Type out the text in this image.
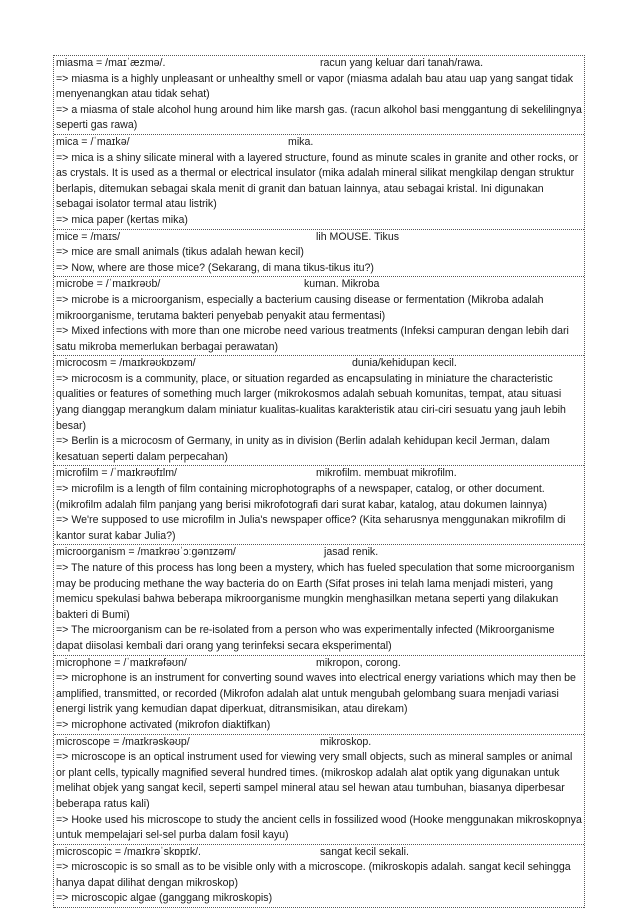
miasma = /maɪˈæzmə/.	racun yang keluar dari tanah/rawa.
=> miasma is a highly unpleasant or unhealthy smell or vapor (miasma adalah bau atau uap yang sangat tidak menyenangkan atau tidak sehat)
=> a miasma of stale alcohol hung around him like marsh gas. (racun alkohol basi menggantung di sekelilingnya seperti gas rawa)
mica = /ˈmaɪkə/	mika.
=> mica is a shiny silicate mineral with a layered structure, found as minute scales in granite and other rocks, or as crystals. It is used as a thermal or electrical insulator (mika adalah mineral silikat mengkilap dengan struktur berlapis, ditemukan sebagai skala menit di granit dan batuan lainnya, atau sebagai kristal. Ini digunakan sebagai isolator termal atau listrik)
=> mica paper (kertas mika)
mice = /maɪs/	lih MOUSE. Tikus
=> mice are small animals (tikus adalah hewan kecil)
=> Now, where are those mice? (Sekarang, di mana tikus-tikus itu?)
microbe = /ˈmaɪkrəʊb/	kuman. Mikroba
=> microbe is a microorganism, especially a bacterium causing disease or fermentation (Mikroba adalah mikroorganisme, terutama bakteri penyebab penyakit atau fermentasi)
=> Mixed infections with more than one microbe need various treatments (Infeksi campuran dengan lebih dari satu mikroba memerlukan berbagai perawatan)
microcosm = /maɪkrəʊkɒzəm/	dunia/kehidupan kecil.
=> microcosm is a community, place, or situation regarded as encapsulating in miniature the characteristic qualities or features of something much larger (mikrokosmos adalah sebuah komunitas, tempat, atau situasi yang dianggap merangkum dalam miniatur kualitas-kualitas karakteristik atau ciri-ciri sesuatu yang jauh lebih besar)
=> Berlin is a microcosm of Germany, in unity as in division (Berlin adalah kehidupan kecil Jerman, dalam kesatuan seperti dalam perpecahan)
microfilm = /ˈmaɪkrəʊfɪlm/	mikrofilm. membuat mikrofilm.
=> microfilm is a length of film containing microphotographs of a newspaper, catalog, or other document. (mikrofilm adalah film panjang yang berisi mikrofotografi dari surat kabar, katalog, atau dokumen lainnya)
=> We're supposed to use microfilm in Julia's newspaper office? (Kita seharusnya menggunakan mikrofilm di kantor surat kabar Julia?)
microorganism = /maɪkrəʊˈɔːɡənɪzəm/	jasad renik.
=> The nature of this process has long been a mystery, which has fueled speculation that some microorganism may be producing methane the way bacteria do on Earth (Sifat proses ini telah lama menjadi misteri, yang memicu spekulasi bahwa beberapa mikroorganisme mungkin menghasilkan metana seperti yang dilakukan bakteri di Bumi)
=> The microorganism can be re-isolated from a person who was experimentally infected (Mikroorganisme dapat diisolasi kembali dari orang yang terinfeksi secara eksperimental)
microphone = /ˈmaɪkrəfəʊn/	mikropon, corong.
=> microphone is an instrument for converting sound waves into electrical energy variations which may then be amplified, transmitted, or recorded (Mikrofon adalah alat untuk mengubah gelombang suara menjadi variasi energi listrik yang kemudian dapat diperkuat, ditransmisikan, atau direkam)
=> microphone activated (mikrofon diaktifkan)
microscope = /maɪkrəskəʊp/	mikroskop.
=> microscope is an optical instrument used for viewing very small objects, such as mineral samples or animal or plant cells, typically magnified several hundred times. (mikroskop adalah alat optik yang digunakan untuk melihat objek yang sangat kecil, seperti sampel mineral atau sel hewan atau tumbuhan, biasanya diperbesar beberapa ratus kali)
=> Hooke used his microscope to study the ancient cells in fossilized wood (Hooke menggunakan mikroskopnya untuk mempelajari sel-sel purba dalam fosil kayu)
microscopic = /maɪkrəˈskɒpɪk/.	sangat kecil sekali.
=> microscopic is so small as to be visible only with a microscope. (mikroskopis adalah. sangat kecil sehingga hanya dapat dilihat dengan mikroskop)
=> microscopic algae (ganggang mikroskopis)
